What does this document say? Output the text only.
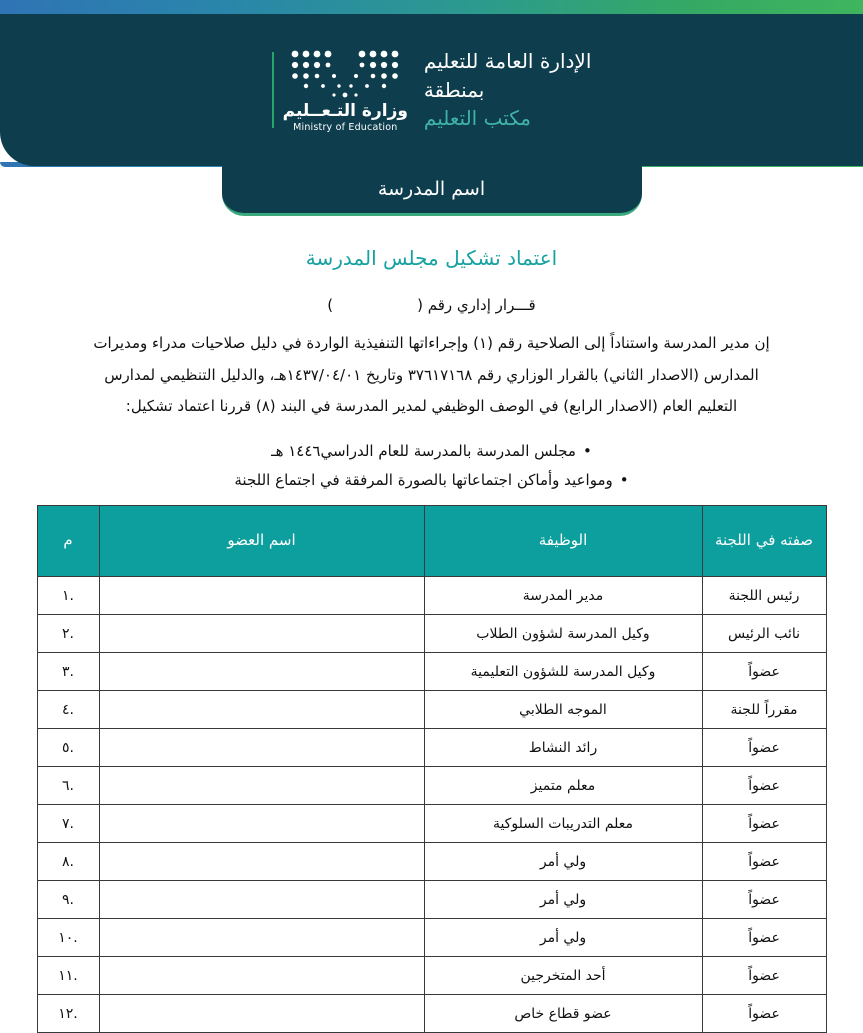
الإدارة العامة للتعليم
بمنطقة
مكتب التعليم
وزارة التـعــليم
Ministry of Education
اسم المدرسة
اعتماد تشكيل مجلس المدرسة
قـــرار إداري رقم ()

إن مدير المدرسة واستناداً إلى الصلاحية رقم (١) وإجراءاتها التنفيذية الواردة في دليل صلاحيات مدراء ومديرات

المدارس (الاصدار الثاني) بالقرار الوزاري رقم ٣٧٦١٧١٦٨ وتاريخ ١٤٣٧/٠٤/٠١هـ، والدليل التنظيمي لمدارس

التعليم العام (الاصدار الرابع) في الوصف الوظيفي لمدير المدرسة في البند (٨) قررنا اعتماد تشكيل:

• مجلس المدرسة بالمدرسة للعام الدراسي١٤٤٦ هـ
• ومواعيد وأماكن اجتماعاتها بالصورة المرفقة في اجتماع اللجنة
صفته في اللجنة	الوظيفة	اسم العضو	م
رئيس اللجنة	مدير المدرسة		١.
نائب الرئيس	وكيل المدرسة لشؤون الطلاب		٢.
عضواً	وكيل المدرسة للشؤون التعليمية		٣.
مقرراً للجنة	الموجه الطلابي		٤.
عضواً	رائد النشاط		٥.
عضواً	معلم متميز		٦.
عضواً	معلم التدريبات السلوكية		٧.
عضواً	ولي أمر		٨.
عضواً	ولي أمر		٩.
عضواً	ولي أمر		١٠.
عضواً	أحد المتخرجين		١١.
عضواً	عضو قطاع خاص		١٢.
